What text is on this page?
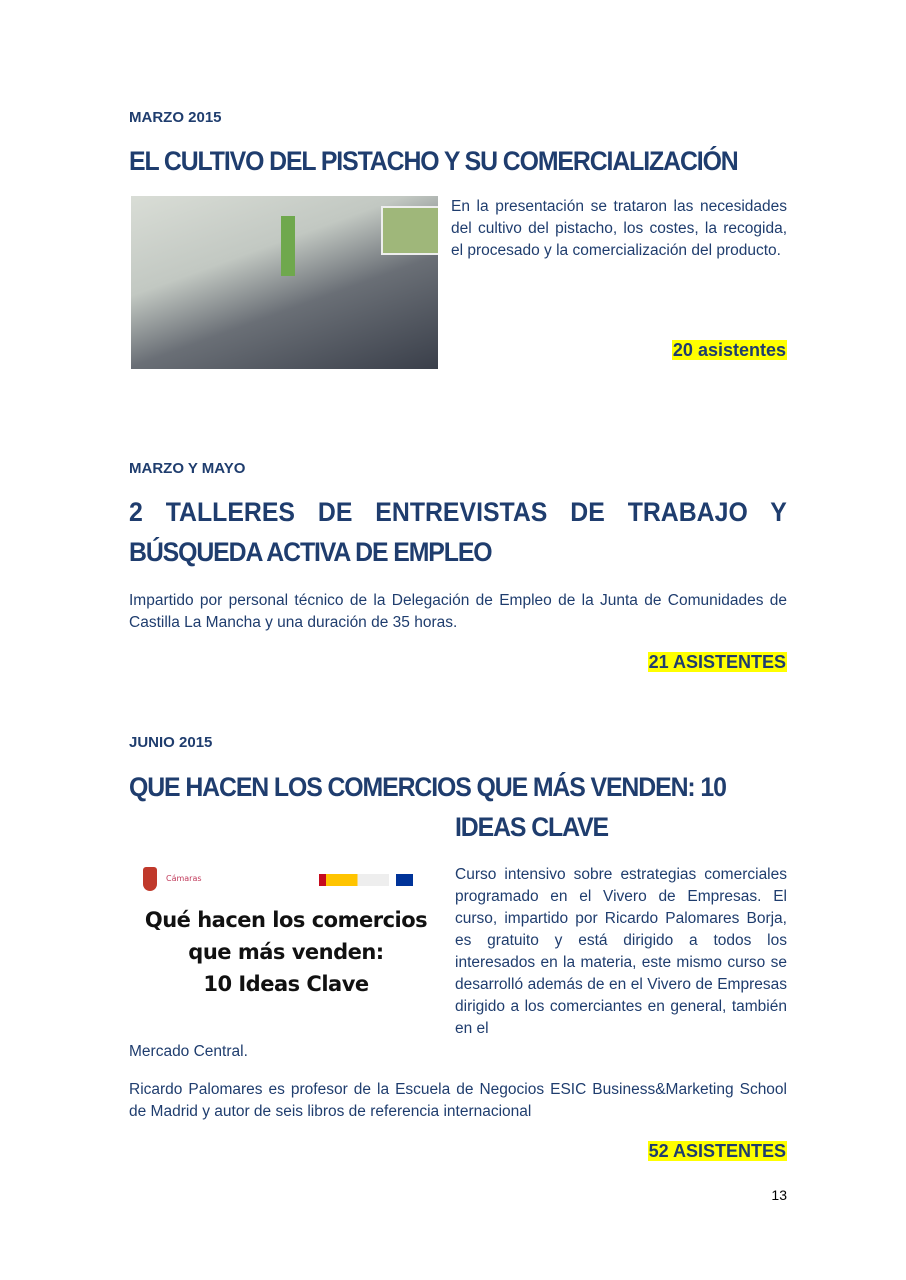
MARZO 2015
EL CULTIVO DEL PISTACHO Y SU COMERCIALIZACIÓN
En la presentación se trataron las necesidades del cultivo del pistacho, los costes, la recogida, el procesado y la comercialización del producto.
20 asistentes
MARZO Y MAYO
2 TALLERES DE ENTREVISTAS DE TRABAJO Y
BÚSQUEDA ACTIVA DE EMPLEO
Impartido por personal técnico de la Delegación de Empleo de la Junta de Comunidades de Castilla La Mancha y una duración de 35 horas.
21 ASISTENTES
JUNIO 2015
QUE HACEN LOS COMERCIOS QUE MÁS VENDEN: 10
IDEAS CLAVE
Cámaras
Qué hacen los comercios
que más venden:
10 Ideas Clave
Curso intensivo sobre estrategias comerciales programado en el Vivero de Empresas. El curso, impartido por Ricardo Palomares Borja, es gratuito y está dirigido a todos los interesados en la materia, este mismo curso se desarrolló además de en el Vivero de Empresas dirigido a los comerciantes en general, también en el
Mercado Central.
Ricardo Palomares es profesor de la Escuela de Negocios ESIC Business&Marketing School de Madrid y autor de seis libros de referencia internacional
52 ASISTENTES
13
